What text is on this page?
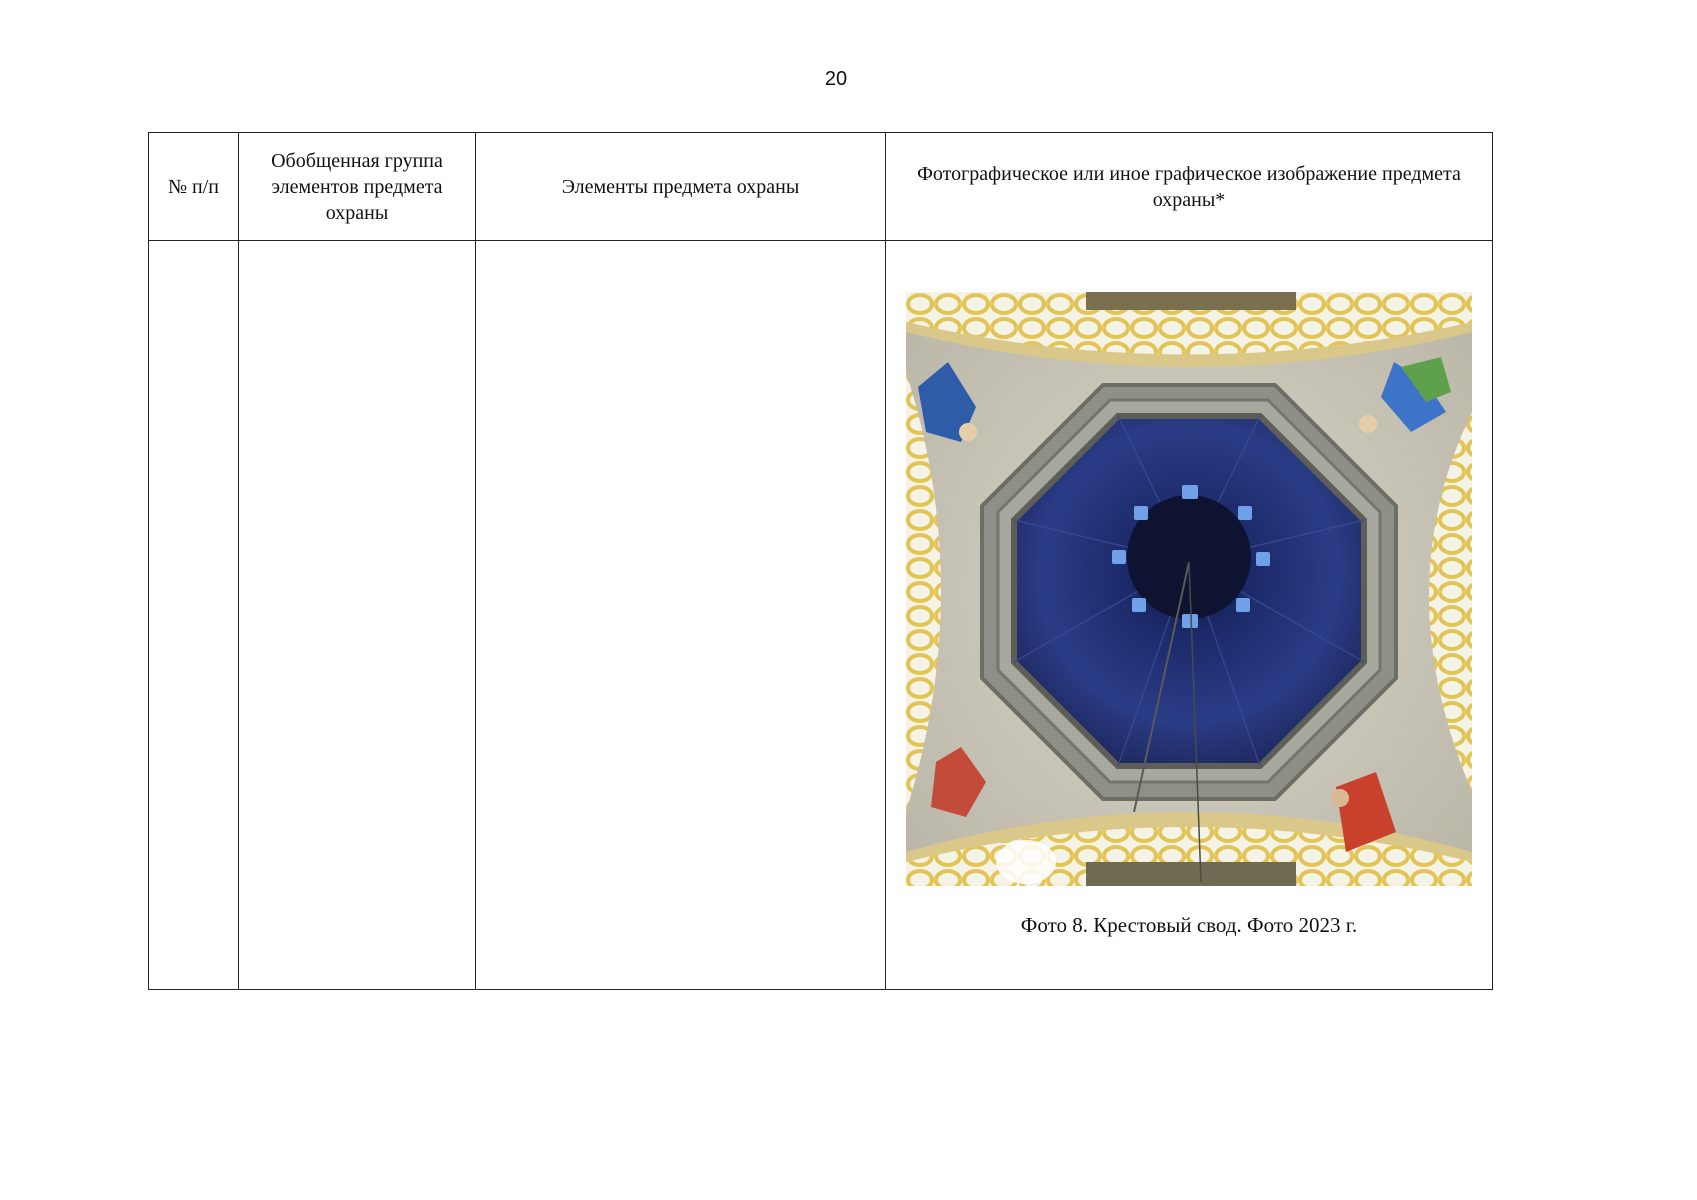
20
№ п/п
Обобщенная группа элементов предмета охраны
Элементы предмета охраны
Фотографическое или иное графическое изображение предмета охраны*
Фото 8. Крестовый свод. Фото 2023 г.
